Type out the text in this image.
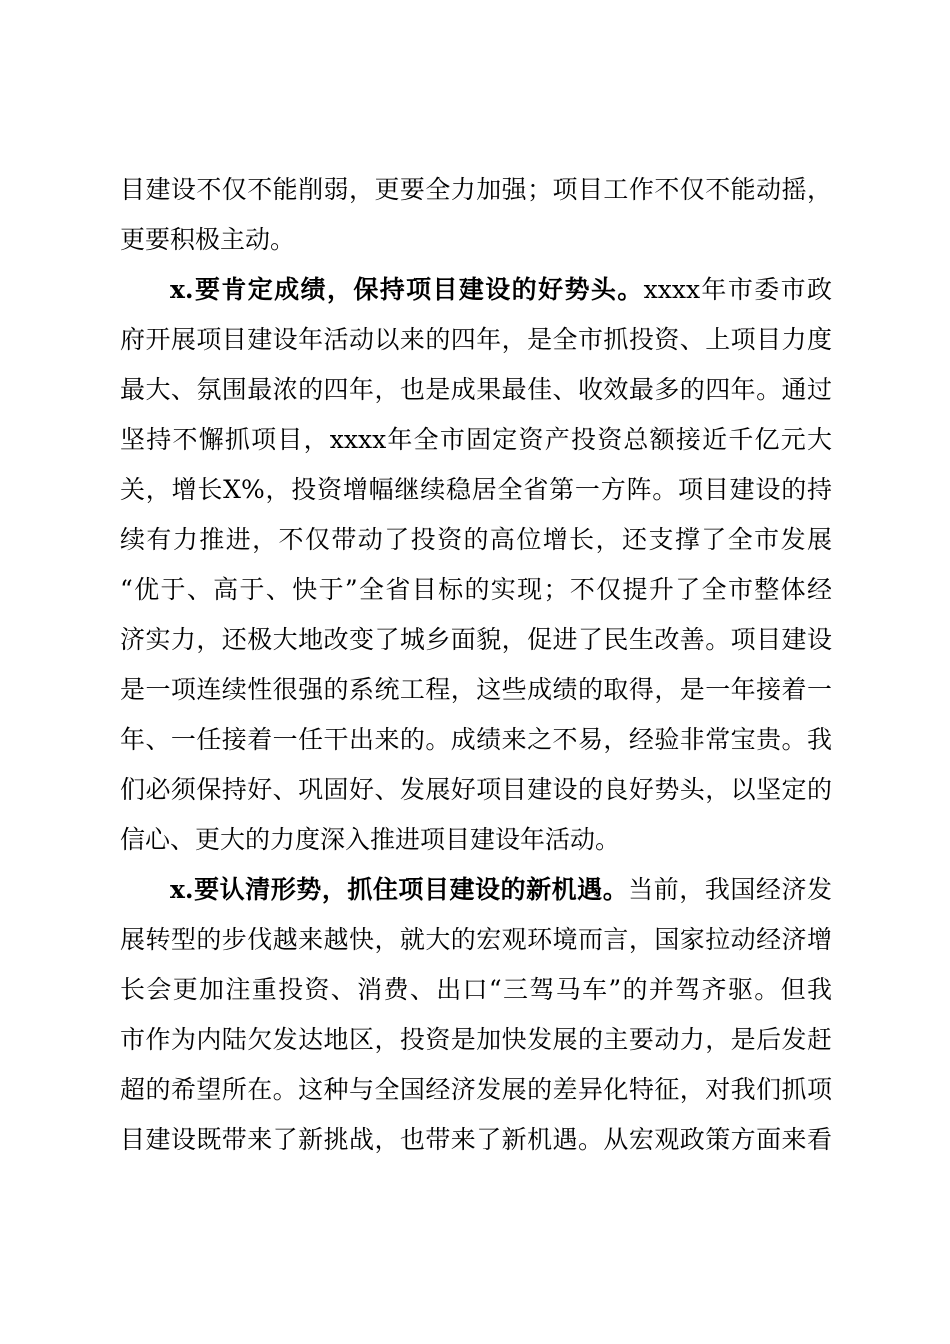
目建设不仅不能削弱，更要全力加强；项目工作不仅不能动摇，
更要积极主动。
x.要肯定成绩，保持项目建设的好势头。xxxx年市委市政
府开展项目建设年活动以来的四年，是全市抓投资、上项目力度
最大、氛围最浓的四年，也是成果最佳、收效最多的四年。通过
坚持不懈抓项目，xxxx年全市固定资产投资总额接近千亿元大
关，增长X%，投资增幅继续稳居全省第一方阵。项目建设的持
续有力推进，不仅带动了投资的高位增长，还支撑了全市发展
“优于、高于、快于”全省目标的实现；不仅提升了全市整体经
济实力，还极大地改变了城乡面貌，促进了民生改善。项目建设
是一项连续性很强的系统工程，这些成绩的取得，是一年接着一
年、一任接着一任干出来的。成绩来之不易，经验非常宝贵。我
们必须保持好、巩固好、发展好项目建设的良好势头，以坚定的
信心、更大的力度深入推进项目建设年活动。
x.要认清形势，抓住项目建设的新机遇。当前，我国经济发
展转型的步伐越来越快，就大的宏观环境而言，国家拉动经济增
长会更加注重投资、消费、出口“三驾马车”的并驾齐驱。但我
市作为内陆欠发达地区，投资是加快发展的主要动力，是后发赶
超的希望所在。这种与全国经济发展的差异化特征，对我们抓项
目建设既带来了新挑战，也带来了新机遇。从宏观政策方面来看
